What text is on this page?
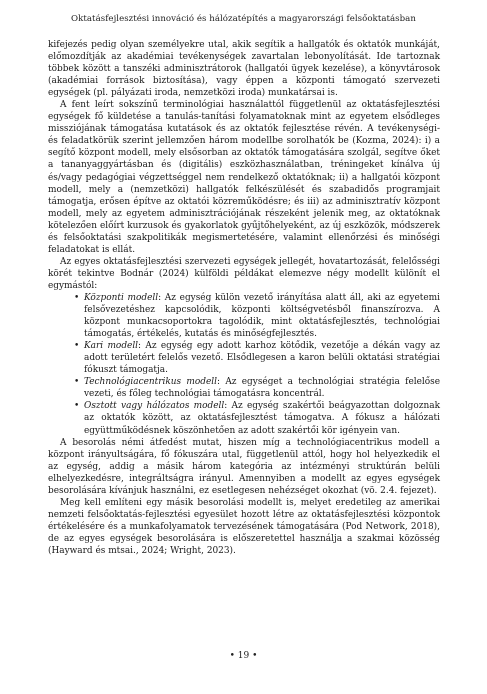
Oktatásfejlesztési innováció és hálózatépítés a magyarországi felsőoktatásban

kifejezés pedig olyan személyekre utal, akik segítik a hallgatók és oktatók munkáját, előmozdítják az akadémiai tevékenységek zavartalan lebonyolítását. Ide tartoznak többek között a tanszéki adminisztrátorok (hallgatói ügyek kezelése), a könyvtárosok (akadémiai források biztosítása), vagy éppen a központi támogató szervezeti egységek (pl. pályázati iroda, nemzetközi iroda) munkatársai is.

A fent leírt sokszínű terminológiai használattól függetlenül az oktatásfejlesztési egységek fő küldetése a tanulás-tanítási folyamatoknak mint az egyetem elsődleges missziójának támogatása kutatások és az oktatók fejlesztése révén. A tevékenységi- és feladatkörük szerint jellemzően három modellbe sorolhatók be (Kozma, 2024): i) a segítő központ modell, mely elsősorban az oktatók támogatására szolgál, segítve őket a tananyaggyártásban és (digitális) eszközhasználatban, tréningeket kínálva új és/vagy pedagógiai végzettséggel nem rendelkező oktatóknak; ii) a hallgatói központ modell, mely a (nemzetközi) hallgatók felkészülését és szabadidős programjait támogatja, erősen építve az oktatói közreműködésre; és iii) az adminisztratív központ modell, mely az egyetem adminisztrációjának részeként jelenik meg, az oktatóknak kötelezően előírt kurzusok és gyakorlatok gyűjtőhelyeként, az új eszközök, módszerek és felsőoktatási szakpolitikák megismertetésére, valamint ellenőrzési és minőségi feladatokat is ellát.

Az egyes oktatásfejlesztési szervezeti egységek jellegét, hovatartozását, felelősségi körét tekintve Bodnár (2024) külföldi példákat elemezve négy modellt különít el egymástól:

• Központi modell: Az egység külön vezető irányítása alatt áll, aki az egyetemi felsővezetéshez kapcsolódik, központi költségvetésből finanszírozva. A központ munkacsoportokra tagolódik, mint oktatásfejlesztés, technológiai támogatás, értékelés, kutatás és minőségfejlesztés.
• Kari modell: Az egység egy adott karhoz kötődik, vezetője a dékán vagy az adott területért felelős vezető. Elsődlegesen a karon belüli oktatási stratégiai fókuszt támogatja.
• Technológiacentrikus modell: Az egységet a technológiai stratégia felelőse vezeti, és főleg technológiai támogatásra koncentrál.
• Osztott vagy hálózatos modell: Az egység szakértői beágyazottan dolgoznak az oktatók között, az oktatásfejlesztést támogatva. A fókusz a hálózati együttműködésnek köszönhetően az adott szakértői kör igényein van.

A besorolás némi átfedést mutat, hiszen míg a technológiacentrikus modell a központ irányultságára, fő fókuszára utal, függetlenül attól, hogy hol helyezkedik el az egység, addig a másik három kategória az intézményi struktúrán belüli elhelyezkedésre, integráltságra irányul. Amennyiben a modellt az egyes egységek besorolására kívánjuk használni, ez esetlegesen nehézséget okozhat (vö. 2.4. fejezet).

Meg kell említeni egy másik besorolási modellt is, melyet eredetileg az amerikai nemzeti felsőoktatás-fejlesztési egyesület hozott létre az oktatásfejlesztési központok értékelésére és a munkafolyamatok tervezésének támogatására (Pod Network, 2018), de az egyes egységek besorolására is előszeretettel használja a szakmai közösség (Hayward és mtsai., 2024; Wright, 2023).

• 19 •
